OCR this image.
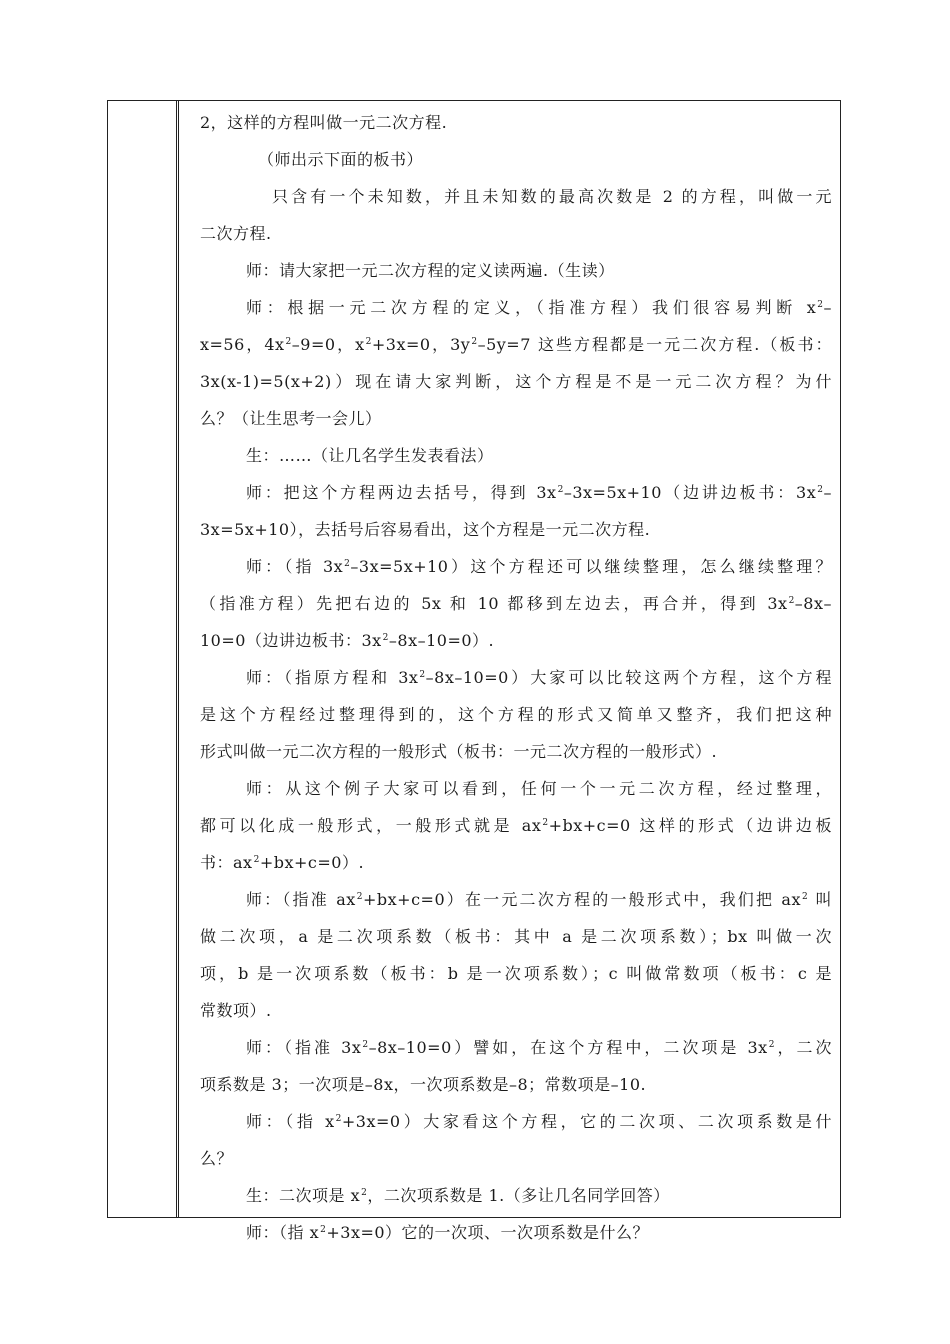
2，这样的方程叫做一元二次方程.
（师出示下面的板书）
只含有一个未知数，并且未知数的最高次数是 2 的方程，叫做一元
二次方程.
师：请大家把一元二次方程的定义读两遍.（生读）
师：根据一元二次方程的定义，（指准方程）我们很容易判断 $x^2-$
x=56，$4x^2-9=0$，$x^2+3x=0$，$3y^2-5y=7$ 这些方程都是一元二次方程.（板书：
3x(x-1)=5(x+2)）现在请大家判断，这个方程是不是一元二次方程？为什
么？（让生思考一会儿）
生：……（让几名学生发表看法）
师：把这个方程两边去括号，得到 $3x^2-3x=5x+10$（边讲边板书：$3x^2-$
3x=5x+10），去括号后容易看出，这个方程是一元二次方程.
师：（指 $3x^2-3x=5x+10$）这个方程还可以继续整理，怎么继续整理？
（指准方程）先把右边的 5x 和 10 都移到左边去，再合并，得到 $3x^2-8x-$
10=0（边讲边板书：$3x^2-8x-10=0$）.
师：（指原方程和 $3x^2-8x-10=0$）大家可以比较这两个方程，这个方程
是这个方程经过整理得到的，这个方程的形式又简单又整齐，我们把这种
形式叫做一元二次方程的一般形式（板书：一元二次方程的一般形式）.
师：从这个例子大家可以看到，任何一个一元二次方程，经过整理，
都可以化成一般形式，一般形式就是 $ax^2+bx+c=0$ 这样的形式（边讲边板
书：$ax^2+bx+c=0$）.
师：（指准 $ax^2+bx+c=0$）在一元二次方程的一般形式中，我们把 $ax^2$ 叫
做二次项，a 是二次项系数（板书：其中 a 是二次项系数）；bx 叫做一次
项，b 是一次项系数（板书：b 是一次项系数）；c 叫做常数项（板书：c 是
常数项）.
师：（指准 $3x^2-8x-10=0$）譬如，在这个方程中，二次项是 $3x^2$，二次
项系数是 3；一次项是–8x，一次项系数是–8；常数项是–10.
师：（指 $x^2+3x=0$）大家看这个方程，它的二次项、二次项系数是什
么？
生：二次项是 $x^2$，二次项系数是 1.（多让几名同学回答）
师：（指 $x^2+3x=0$）它的一次项、一次项系数是什么？
